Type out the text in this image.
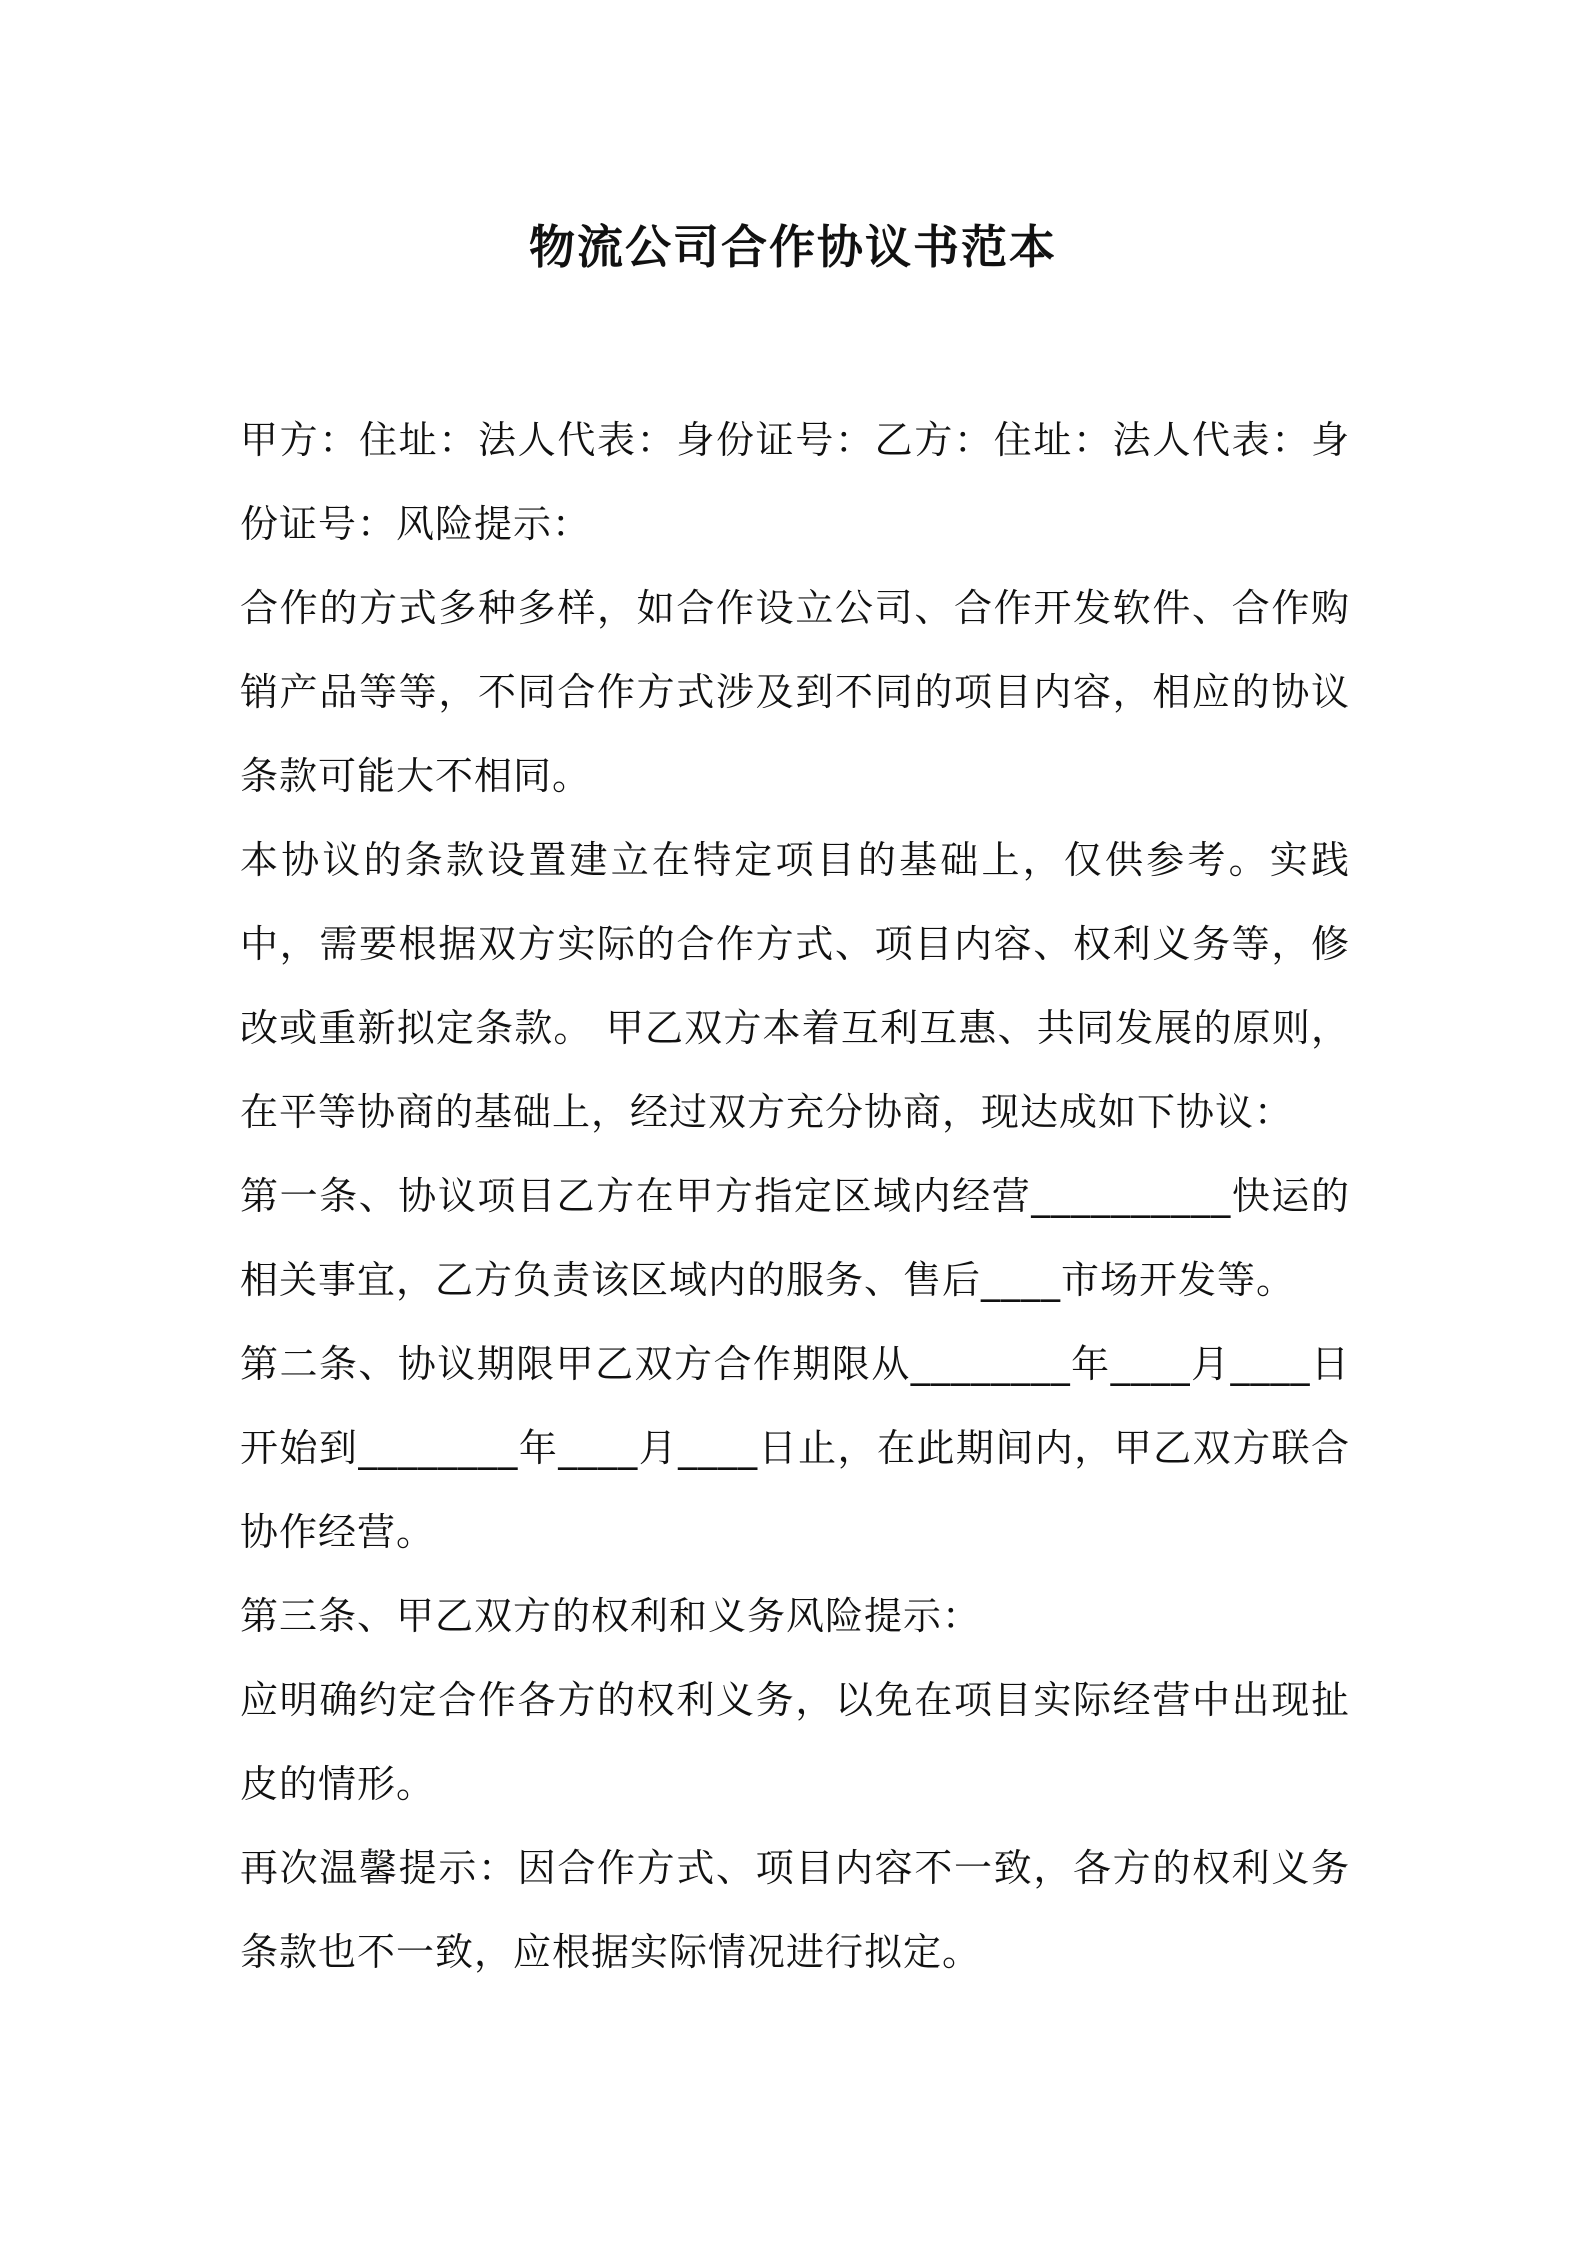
物流公司合作协议书范本

甲方：住址：法人代表：身份证号：乙方：住址：法人代表：身份证号：风险提示：

合作的方式多种多样，如合作设立公司、合作开发软件、合作购销产品等等，不同合作方式涉及到不同的项目内容，相应的协议条款可能大不相同。

本协议的条款设置建立在特定项目的基础上，仅供参考。实践中，需要根据双方实际的合作方式、项目内容、权利义务等，修改或重新拟定条款。 甲乙双方本着互利互惠、共同发展的原则，在平等协商的基础上，经过双方充分协商，现达成如下协议：

第一条、协议项目乙方在甲方指定区域内经营__________快运的相关事宜，乙方负责该区域内的服务、售后____市场开发等。

第二条、协议期限甲乙双方合作期限从________年____月____日开始到________年____月____日止，在此期间内，甲乙双方联合协作经营。

第三条、甲乙双方的权利和义务风险提示：

应明确约定合作各方的权利义务，以免在项目实际经营中出现扯皮的情形。

再次温馨提示：因合作方式、项目内容不一致，各方的权利义务条款也不一致，应根据实际情况进行拟定。
